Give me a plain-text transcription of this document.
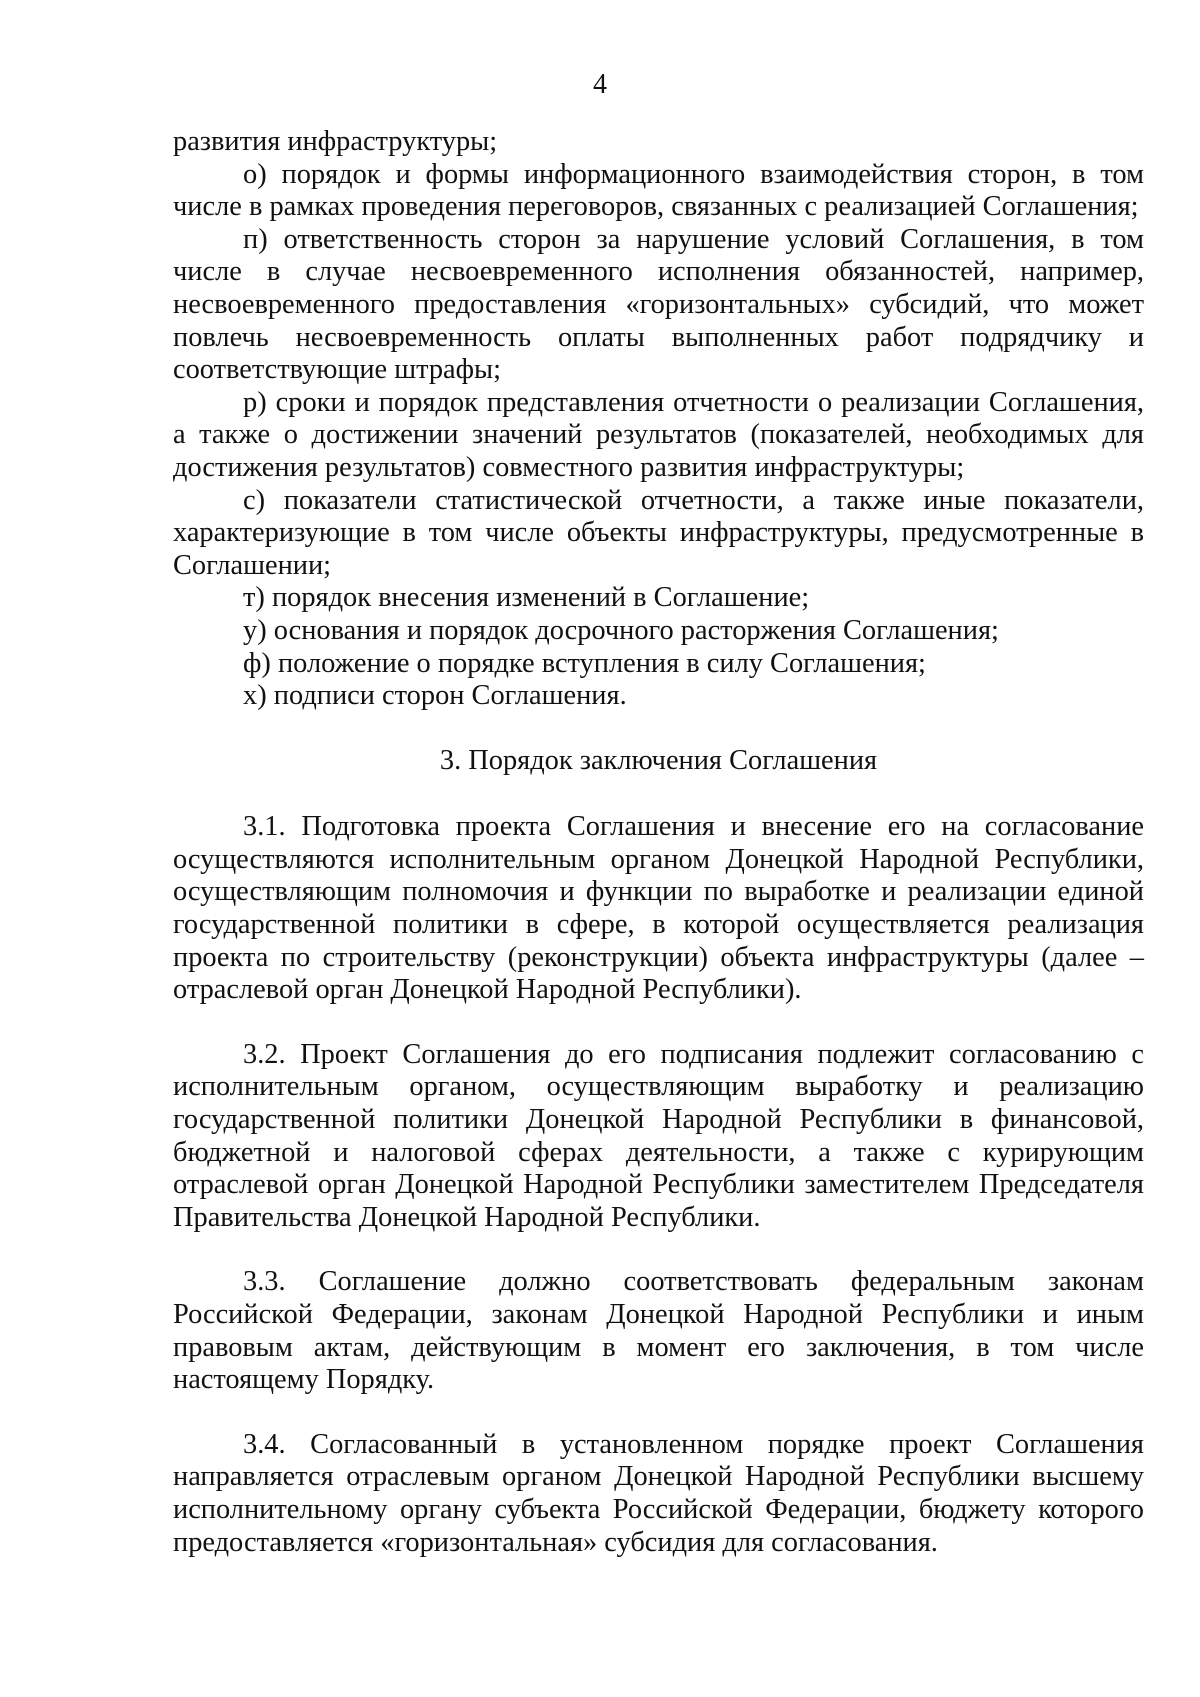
4

развития инфраструктуры;

о) порядок и формы информационного взаимодействия сторон, в том числе в рамках проведения переговоров, связанных с реализацией Соглашения;

п) ответственность сторон за нарушение условий Соглашения, в том числе в случае несвоевременного исполнения обязанностей, например, несвоевременного предоставления «горизонтальных» субсидий, что может повлечь несвоевременность оплаты выполненных работ подрядчику и соответствующие штрафы;

р) сроки и порядок представления отчетности о реализации Соглашения, а также о достижении значений результатов (показателей, необходимых для достижения результатов) совместного развития инфраструктуры;

с) показатели статистической отчетности, а также иные показатели, характеризующие в том числе объекты инфраструктуры, предусмотренные в Соглашении;

т) порядок внесения изменений в Соглашение;

у) основания и порядок досрочного расторжения Соглашения;

ф) положение о порядке вступления в силу Соглашения;

х) подписи сторон Соглашения.

3. Порядок заключения Соглашения

3.1. Подготовка проекта Соглашения и внесение его на согласование осуществляются исполнительным органом Донецкой Народной Республики, осуществляющим полномочия и функции по выработке и реализации единой государственной политики в сфере, в которой осуществляется реализация проекта по строительству (реконструкции) объекта инфраструктуры (далее – отраслевой орган Донецкой Народной Республики).

3.2. Проект Соглашения до его подписания подлежит согласованию с исполнительным органом, осуществляющим выработку и реализацию государственной политики Донецкой Народной Республики в финансовой, бюджетной и налоговой сферах деятельности, а также с курирующим отраслевой орган Донецкой Народной Республики заместителем Председателя Правительства Донецкой Народной Республики.

3.3. Соглашение должно соответствовать федеральным законам Российской Федерации, законам Донецкой Народной Республики и иным правовым актам, действующим в момент его заключения, в том числе настоящему Порядку.

3.4. Согласованный в установленном порядке проект Соглашения направляется отраслевым органом Донецкой Народной Республики высшему исполнительному органу субъекта Российской Федерации, бюджету которого предоставляется «горизонтальная» субсидия для согласования.
